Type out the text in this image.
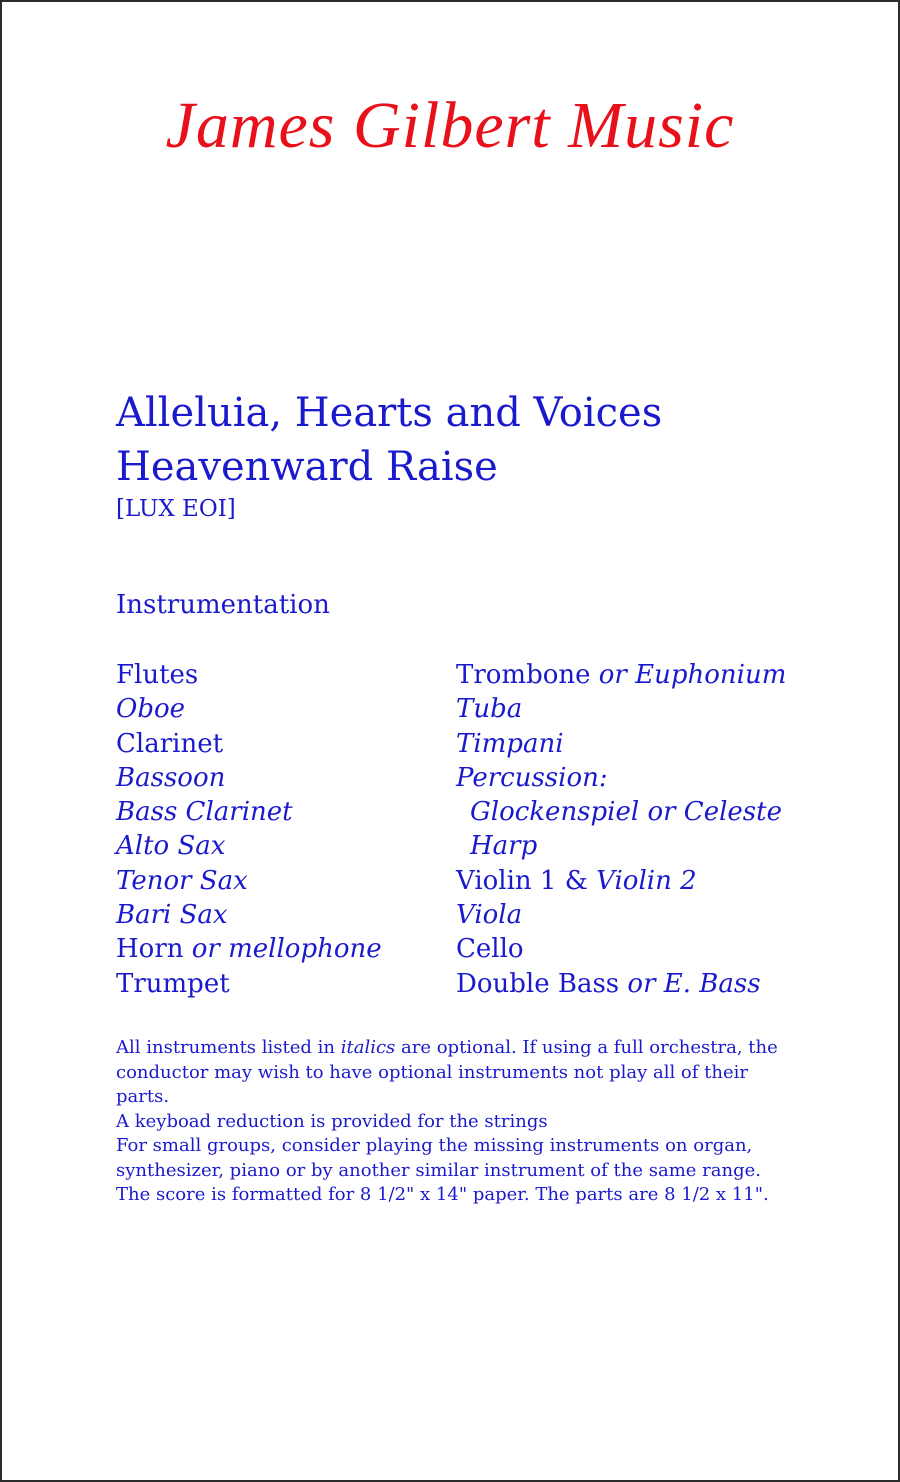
James Gilbert Music
Alleluia, Hearts and Voices
Heavenward Raise
[LUX EOI]
Instrumentation
Flutes
Oboe
Clarinet
Bassoon
Bass Clarinet
Alto Sax
Tenor Sax
Bari Sax
Horn or mellophone
Trumpet
Trombone or Euphonium
Tuba
Timpani
Percussion:
Glockenspiel or Celeste
Harp
Violin 1 & Violin 2
Viola
Cello
Double Bass or E. Bass
All instruments listed in italics are optional. If using a full orchestra, the
conductor may wish to have optional instruments not play all of their
parts.
A keyboad reduction is provided for the strings
For small groups, consider playing the missing instruments on organ,
synthesizer, piano or by another similar instrument of the same range.
The score is formatted for 8 1/2" x 14" paper. The parts are 8 1/2 x 11".
